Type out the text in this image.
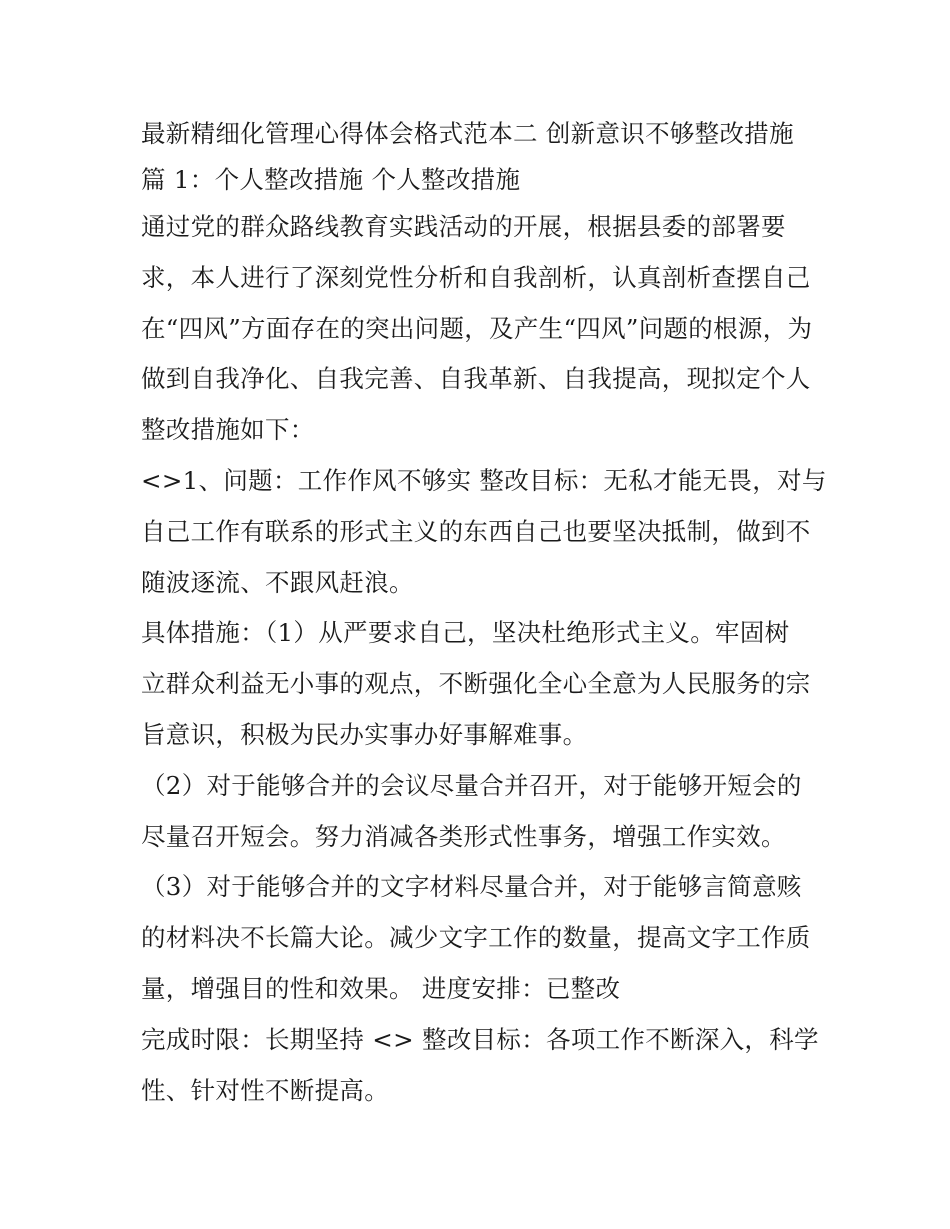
最新精细化管理心得体会格式范本二 创新意识不够整改措施
篇 1：个人整改措施 个人整改措施
通过党的群众路线教育实践活动的开展，根据县委的部署要
求，本人进行了深刻党性分析和自我剖析，认真剖析查摆自己
在“四风”方面存在的突出问题，及产生“四风”问题的根源，为
做到自我净化、自我完善、自我革新、自我提高，现拟定个人
整改措施如下：
<>1、问题：工作作风不够实 整改目标：无私才能无畏，对与
自己工作有联系的形式主义的东西自己也要坚决抵制，做到不
随波逐流、不跟风赶浪。
具体措施：（1）从严要求自己，坚决杜绝形式主义。牢固树
立群众利益无小事的观点，不断强化全心全意为人民服务的宗
旨意识，积极为民办实事办好事解难事。
（2）对于能够合并的会议尽量合并召开，对于能够开短会的
尽量召开短会。努力消减各类形式性事务，增强工作实效。
（3）对于能够合并的文字材料尽量合并，对于能够言简意赅
的材料决不长篇大论。减少文字工作的数量，提高文字工作质
量，增强目的性和效果。 进度安排：已整改
完成时限：长期坚持 <> 整改目标：各项工作不断深入，科学
性、针对性不断提高。
